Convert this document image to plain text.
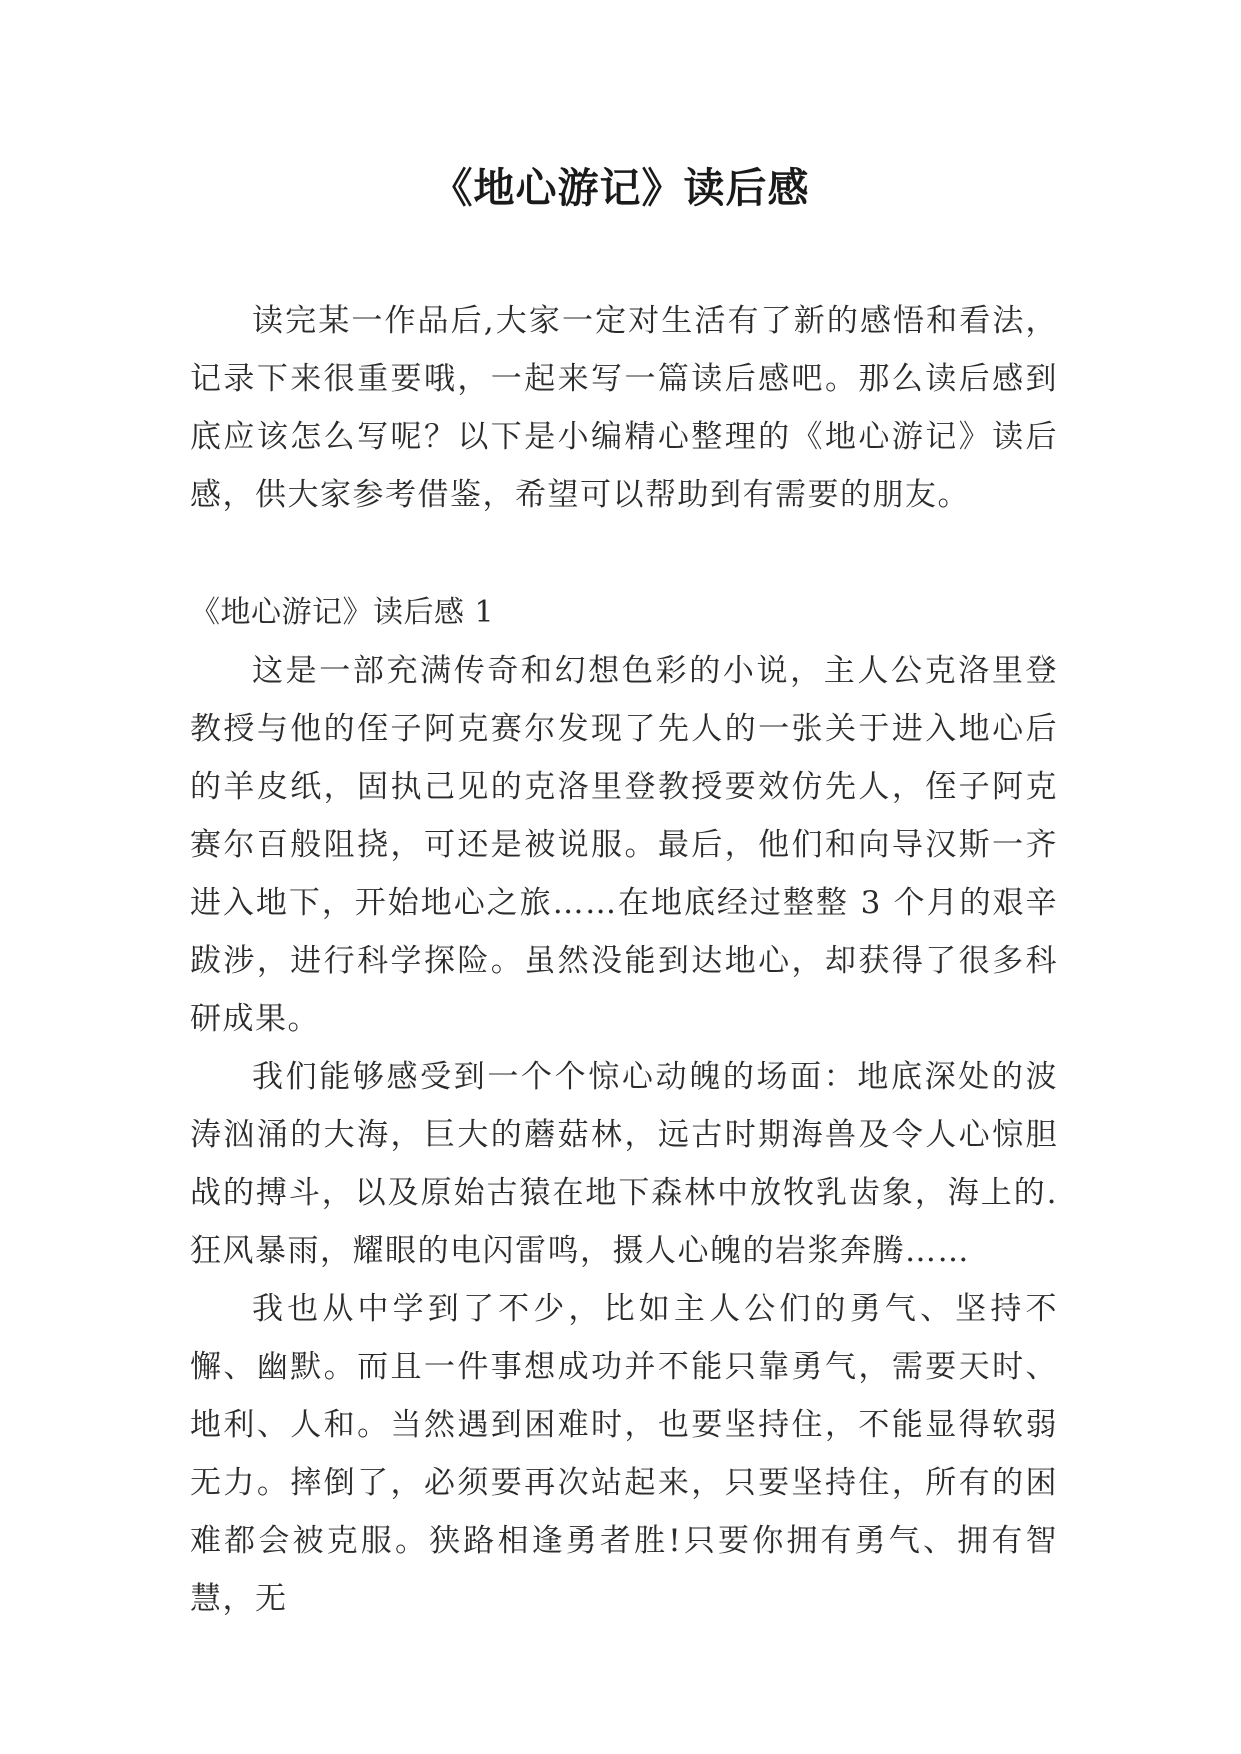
《地心游记》读后感

读完某一作品后,大家一定对生活有了新的感悟和看法，记录下来很重要哦，一起来写一篇读后感吧。那么读后感到底应该怎么写呢？以下是小编精心整理的《地心游记》读后感，供大家参考借鉴，希望可以帮助到有需要的朋友。

《地心游记》读后感 1

这是一部充满传奇和幻想色彩的小说，主人公克洛里登教授与他的侄子阿克赛尔发现了先人的一张关于进入地心后的羊皮纸，固执己见的克洛里登教授要效仿先人，侄子阿克赛尔百般阻挠，可还是被说服。最后，他们和向导汉斯一齐进入地下，开始地心之旅……在地底经过整整 3 个月的艰辛跋涉，进行科学探险。虽然没能到达地心，却获得了很多科研成果。

我们能够感受到一个个惊心动魄的场面：地底深处的波涛汹涌的大海，巨大的蘑菇林，远古时期海兽及令人心惊胆战的搏斗，以及原始古猿在地下森林中放牧乳齿象，海上的.狂风暴雨，耀眼的电闪雷鸣，摄人心魄的岩浆奔腾……

我也从中学到了不少，比如主人公们的勇气、坚持不懈、幽默。而且一件事想成功并不能只靠勇气，需要天时、地利、人和。当然遇到困难时，也要坚持住，不能显得软弱无力。摔倒了，必须要再次站起来，只要坚持住，所有的困难都会被克服。狭路相逢勇者胜!只要你拥有勇气、拥有智慧，无
